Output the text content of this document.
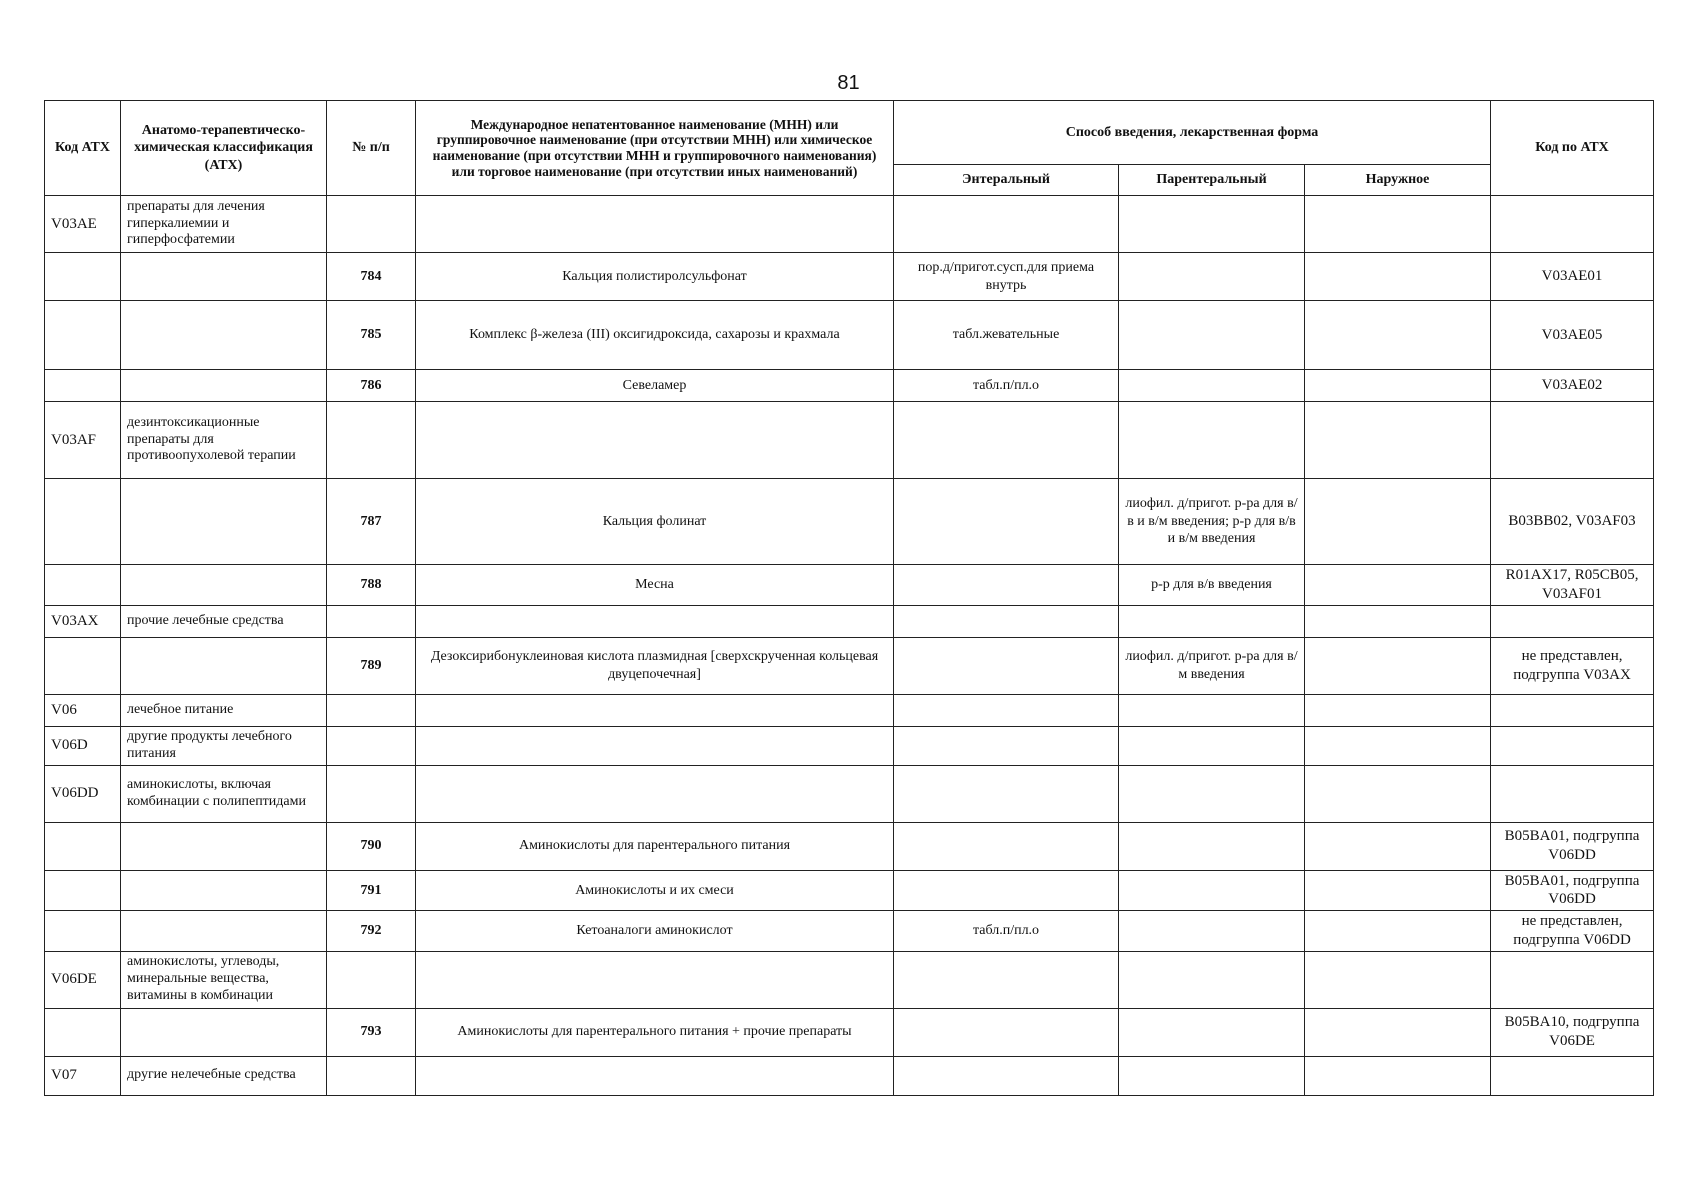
81
Код АТХ	Анатомо-терапевтическо-химическая классификация (АТХ)	№ п/п	Международное непатентованное наименование (МНН) или группировочное наименование (при отсутствии МНН) или химическое наименование (при отсутствии МНН и группировочного наименования) или торговое наименование (при отсутствии иных наименований)	Способ введения, лекарственная форма			Код по АТХ
				Энтеральный	Парентеральный	Наружное	
V03AE	препараты для лечения гиперкалиемии и гиперфосфатемии						
		784	Кальция полистиролсульфонат	пор.д/пригот.сусп.для приема внутрь			V03AE01
		785	Комплекс β-железа (III) оксигидроксида, сахарозы и крахмала	табл.жевательные			V03AE05
		786	Севеламер	табл.п/пл.о			V03AE02
V03AF	дезинтоксикационные препараты для противоопухолевой терапии						
		787	Кальция фолинат		лиофил. д/пригот. р-ра для в/в и в/м введения; р-р для в/в и в/м введения		B03BB02, V03AF03
		788	Месна		р-р для в/в введения		R01AX17, R05CB05, V03AF01
V03AX	прочие лечебные средства						
		789	Дезоксирибонуклеиновая кислота плазмидная [сверхскрученная кольцевая двуцепочечная]		лиофил. д/пригот. р-ра для в/м введения		не представлен, подгруппа V03AX
V06	лечебное питание						
V06D	другие продукты лечебного питания						
V06DD	аминокислоты, включая комбинации с полипептидами						
		790	Аминокислоты для парентерального питания				B05BA01, подгруппа V06DD
		791	Аминокислоты и их смеси				B05BA01, подгруппа V06DD
		792	Кетоаналоги аминокислот	табл.п/пл.о			не представлен, подгруппа V06DD
V06DE	аминокислоты, углеводы, минеральные вещества, витамины в комбинации						
		793	Аминокислоты для парентерального питания + прочие препараты				B05BA10, подгруппа V06DE
V07	другие нелечебные средства						
